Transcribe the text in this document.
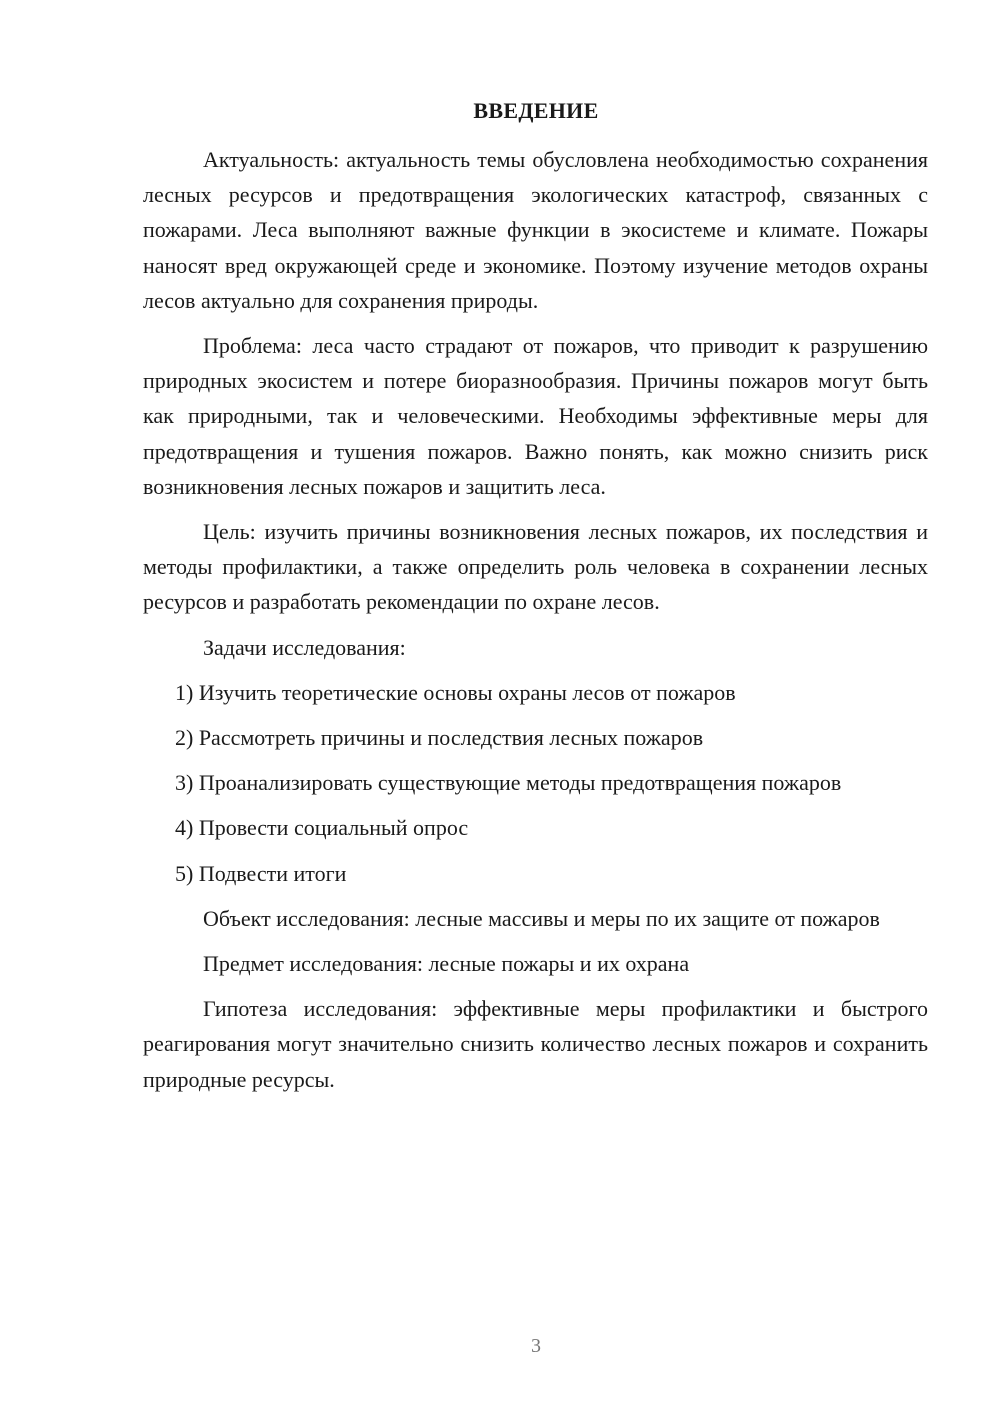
ВВЕДЕНИЕ

Актуальность: актуальность темы обусловлена необходимостью сохранения лесных ресурсов и предотвращения экологических катастроф, связанных с пожарами. Леса выполняют важные функции в экосистеме и климате. Пожары наносят вред окружающей среде и экономике. Поэтому изучение методов охраны лесов актуально для сохранения природы.

Проблема: леса часто страдают от пожаров, что приводит к разрушению природных экосистем и потере биоразнообразия. Причины пожаров могут быть как природными, так и человеческими. Необходимы эффективные меры для предотвращения и тушения пожаров. Важно понять, как можно снизить риск возникновения лесных пожаров и защитить леса.

Цель: изучить причины возникновения лесных пожаров, их последствия и методы профилактики, а также определить роль человека в сохранении лесных ресурсов и разработать рекомендации по охране лесов.

Задачи исследования:

1) Изучить теоретические основы охраны лесов от пожаров

2) Рассмотреть причины и последствия лесных пожаров

3) Проанализировать существующие методы предотвращения пожаров

4) Провести социальный опрос

5) Подвести итоги

Объект исследования: лесные массивы и меры по их защите от пожаров

Предмет исследования: лесные пожары и их охрана

Гипотеза исследования: эффективные меры профилактики и быстрого реагирования могут значительно снизить количество лесных пожаров и сохранить природные ресурсы.

3
